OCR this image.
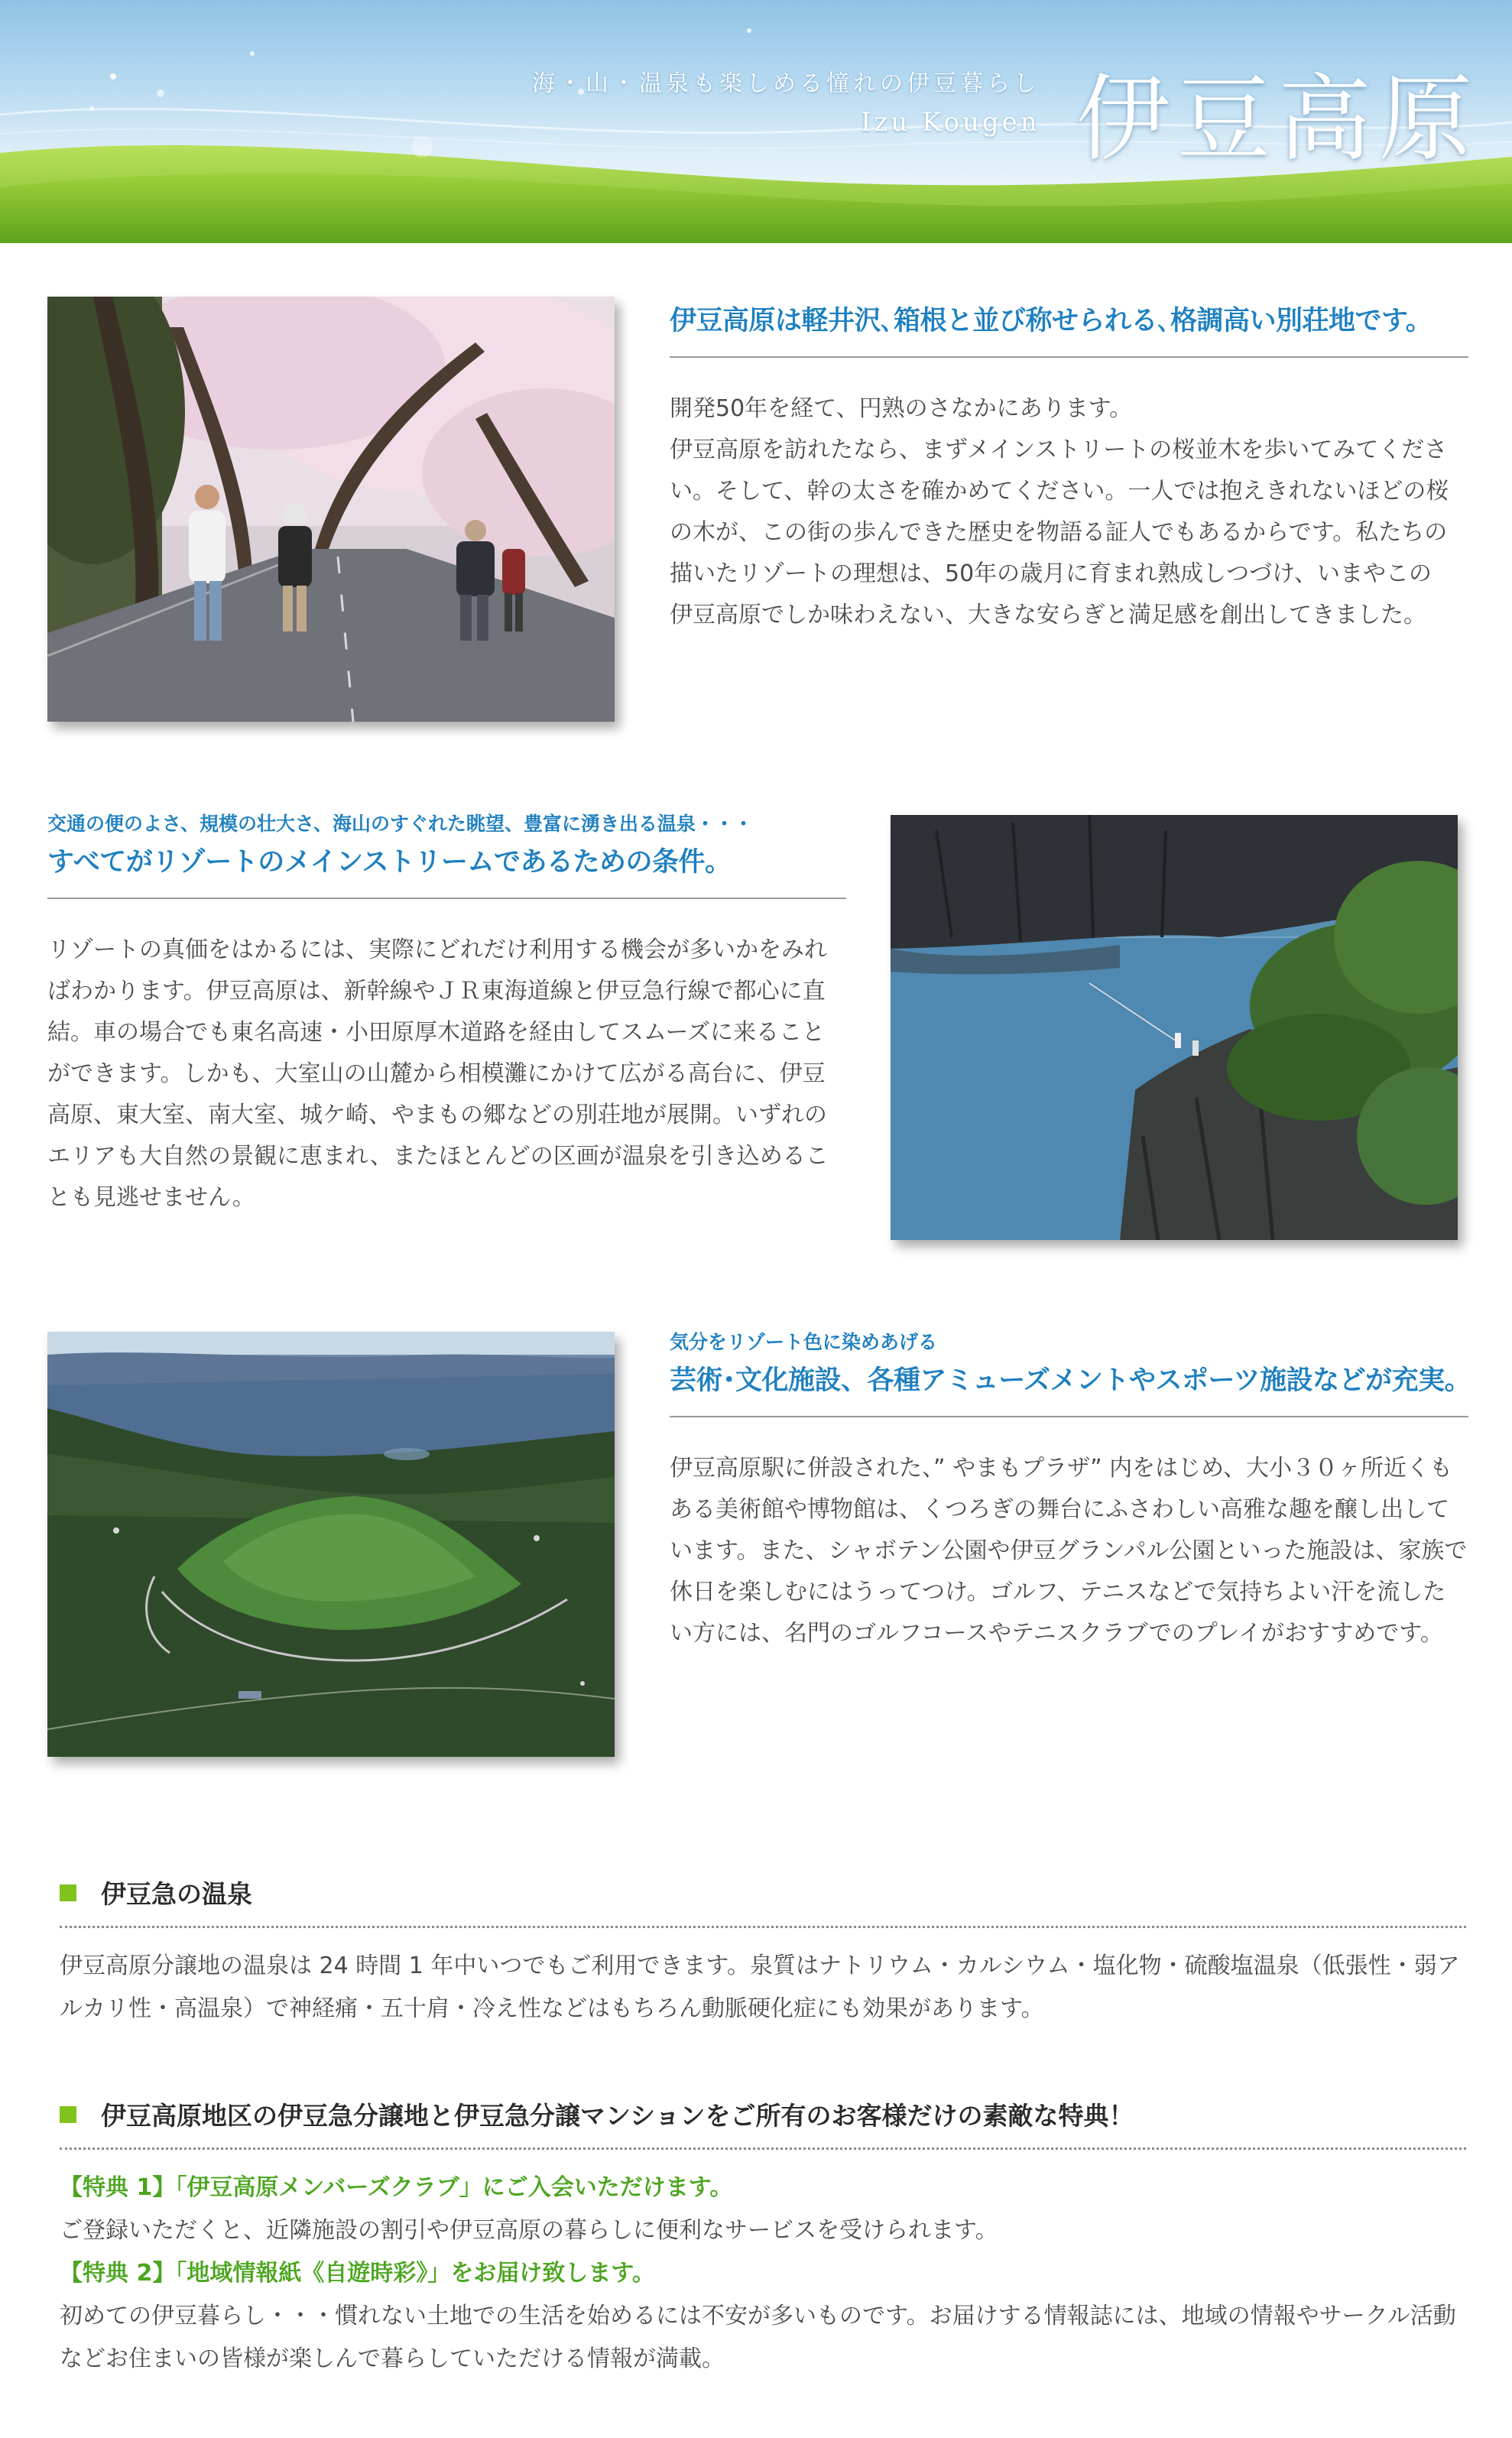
海・山・温泉も楽しめる憧れの伊豆暮らし
Izu Kougen 伊豆高原
伊豆高原は軽井沢､箱根と並び称せられる､格調高い別荘地です。

開発50年を経て、円熟のさなかにあります。

伊豆高原を訪れたなら、まずメインストリートの桜並木を歩いてみてください。そして、幹の太さを確かめてください。一人では抱えきれないほどの桜の木が、この街の歩んできた歴史を物語る証人でもあるからです。私たちの描いたリゾートの理想は、50年の歳月に育まれ熟成しつづけ、いまやこの伊豆高原でしか味わえない、大きな安らぎと満足感を創出してきました。

交通の便のよさ、規模の壮大さ、海山のすぐれた眺望、豊富に湧き出る温泉・・・
すべてがリゾートのメインストリームであるための条件。
リゾートの真価をはかるには、実際にどれだけ利用する機会が多いかをみればわかります。伊豆高原は、新幹線やＪＲ東海道線と伊豆急行線で都心に直結。車の場合でも東名高速・小田原厚木道路を経由してスムーズに来ることができます。しかも、大室山の山麓から相模灘にかけて広がる高台に、伊豆高原、東大室、南大室、城ケ崎、やまもの郷などの別荘地が展開。いずれのエリアも大自然の景観に恵まれ、またほとんどの区画が温泉を引き込めることも見逃せません。
気分をリゾート色に染めあげる
芸術･文化施設、各種アミューズメントやスポーツ施設などが充実。
伊豆高原駅に併設された、” やまもプラザ” 内をはじめ、大小３０ヶ所近くもある美術館や博物館は、くつろぎの舞台にふさわしい高雅な趣を醸し出しています。また、シャボテン公園や伊豆グランパル公園といった施設は、家族で休日を楽しむにはうってつけ。ゴルフ、テニスなどで気持ちよい汗を流したい方には、名門のゴルフコースやテニスクラブでのプレイがおすすめです。
伊豆急の温泉
伊豆高原分譲地の温泉は 24 時間 1 年中いつでもご利用できます。泉質はナトリウム・カルシウム・塩化物・硫酸塩温泉（低張性・弱アルカリ性・高温泉）で神経痛・五十肩・冷え性などはもちろん動脈硬化症にも効果があります。
伊豆高原地区の伊豆急分譲地と伊豆急分譲マンションをご所有のお客様だけの素敵な特典！
【特典 1】「伊豆高原メンバーズクラブ」にご入会いただけます。
ご登録いただくと、近隣施設の割引や伊豆高原の暮らしに便利なサービスを受けられます。
【特典 2】「地域情報紙《自遊時彩》」をお届け致します。
初めての伊豆暮らし・・・慣れない土地での生活を始めるには不安が多いものです。お届けする情報誌には、地域の情報やサークル活動などお住まいの皆様が楽しんで暮らしていただける情報が満載。
